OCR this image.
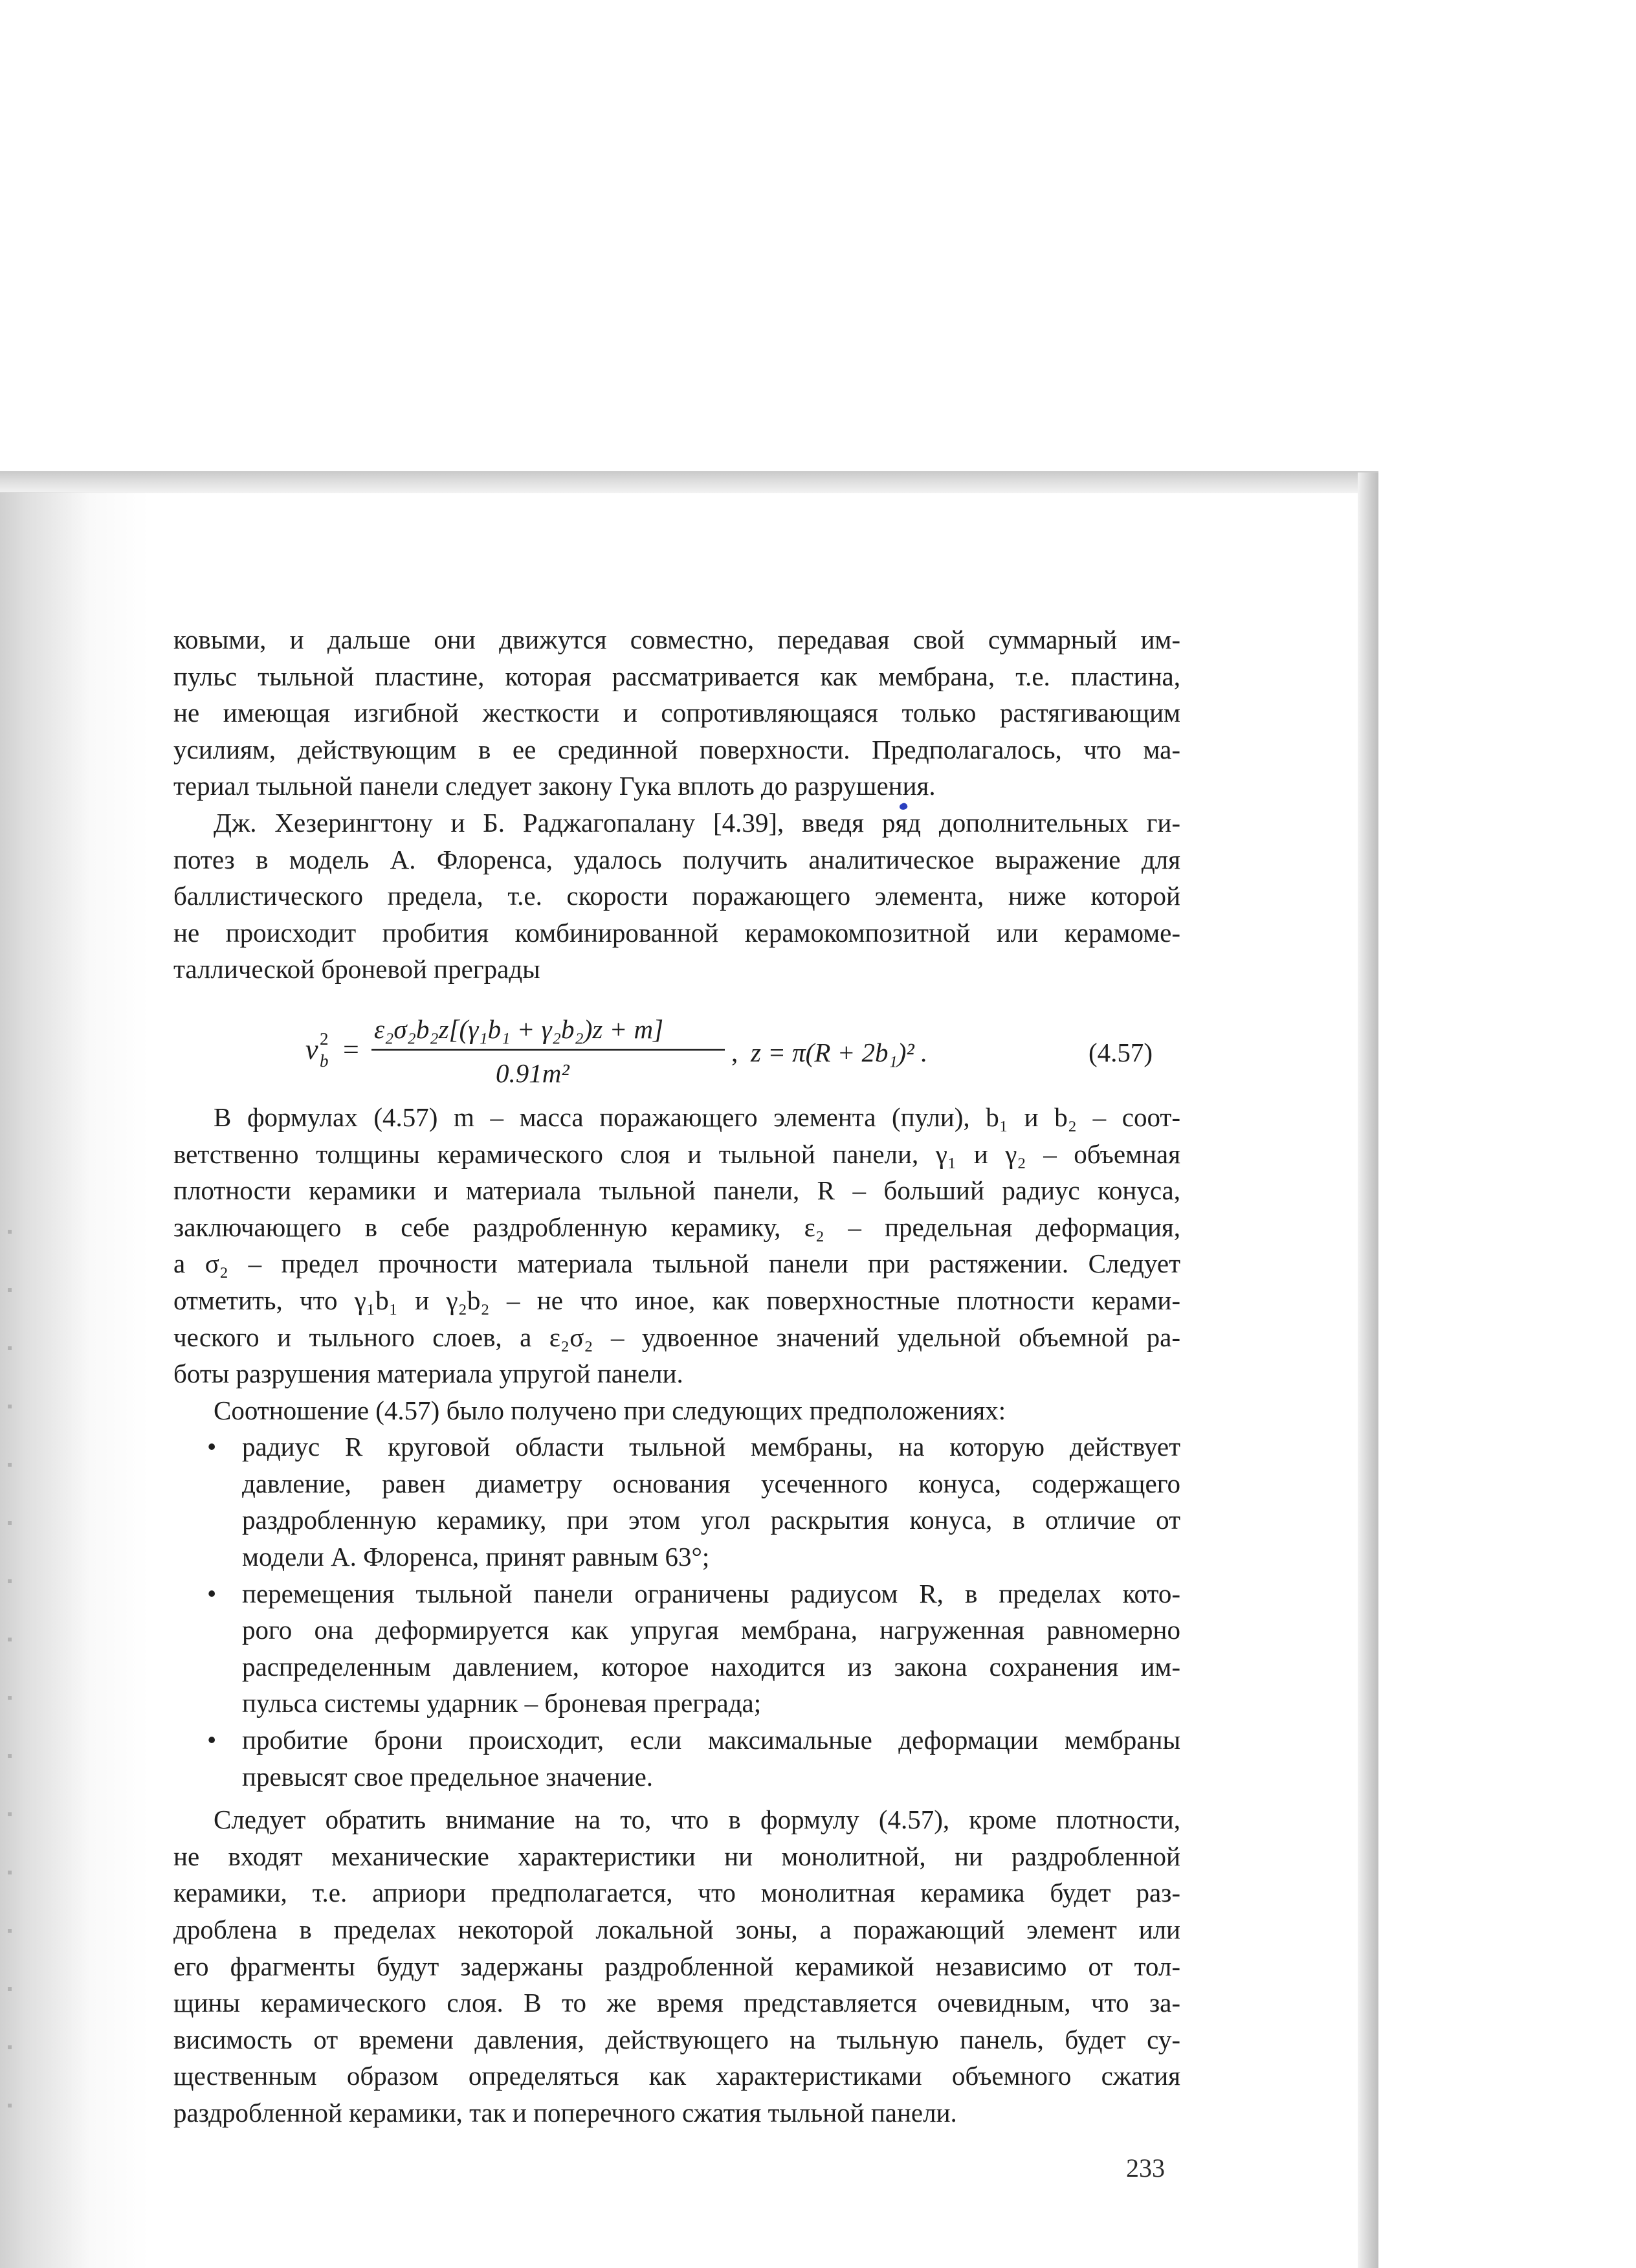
ковыми, и дальше они движутся совместно, передавая свой суммарный им-
пульс тыльной пластине, которая рассматривается как мембрана, т.е. пластина,
не имеющая изгибной жесткости и сопротивляющаяся только растягивающим
усилиям, действующим в ее срединной поверхности. Предполагалось, что ма-

териал тыльной панели следует закону Гука вплоть до разрушения.

Дж. Хезерингтону и Б. Раджагопалану [4.39], введя ряд дополнительных ги-
потез в модель А. Флоренса, удалось получить аналитическое выражение для
баллистического предела, т.е. скорости поражающего элемента, ниже которой
не происходит пробития комбинированной керамокомпозитной или керамоме-

таллической броневой преграды

v 2
b =
ε₂σ₂b₂z[(γ₁b₁ + γ₂b₂)z + m]
0.91m²
, z = π(R + 2b₁)² .	(4.57)

В формулах (4.57) m – масса поражающего элемента (пули), b₁ и b₂ – соот-
ветственно толщины керамического слоя и тыльной панели, γ₁ и γ₂ – объемная
плотности керамики и материала тыльной панели, R – больший радиус конуса,
заключающего в себе раздробленную керамику, ε₂ – предельная деформация,
а σ₂ – предел прочности материала тыльной панели при растяжении. Следует
отметить, что γ₁b₁ и γ₂b₂ – не что иное, как поверхностные плотности керами-
ческого и тыльного слоев, а ε₂σ₂ – удвоенное значений удельной объемной ра-

боты разрушения материала упругой панели.

Соотношение (4.57) было получено при следующих предположениях:

• радиус R круговой области тыльной мембраны, на которую действует
давление, равен диаметру основания усеченного конуса, содержащего
раздробленную керамику, при этом угол раскрытия конуса, в отличие от

модели А. Флоренса, принят равным 63°;

• перемещения тыльной панели ограничены радиусом R, в пределах кото-
рого она деформируется как упругая мембрана, нагруженная равномерно
распределенным давлением, которое находится из закона сохранения им-

пульса системы ударник – броневая преграда;

• пробитие брони происходит, если максимальные деформации мембраны

превысят свое предельное значение.

Следует обратить внимание на то, что в формулу (4.57), кроме плотности,
не входят механические характеристики ни монолитной, ни раздробленной
керамики, т.е. априори предполагается, что монолитная керамика будет раз-
дроблена в пределах некоторой локальной зоны, а поражающий элемент или
его фрагменты будут задержаны раздробленной керамикой независимо от тол-
щины керамического слоя. В то же время представляется очевидным, что за-
висимость от времени давления, действующего на тыльную панель, будет су-
щественным образом определяться как характеристиками объемного сжатия

раздробленной керамики, так и поперечного сжатия тыльной панели.

233
